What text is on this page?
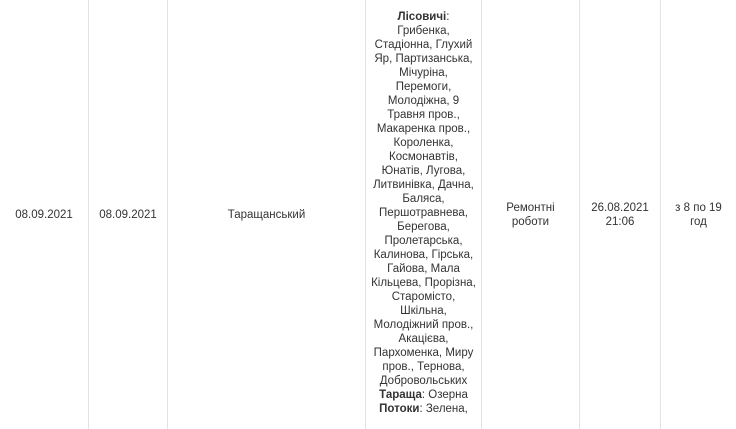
08.09.2021 08.09.2021	Таращанський
Лісовичі: Грибенка, Стадіонна, Глухий Яр, Партизанська, Мічуріна, Перемоги, Молодіжна, 9 Травня пров., Макаренка пров., Короленка, Космонавтів, Юнатів, Лугова, Литвинівка, Дачна, Баляса, Першотравнева, Берегова, Пролетарська, Калинова, Гірська, Гайова, Мала Кільцева, Прорізна, Старомісто, Шкільна, Молодіжний пров., Акацієва, Пархоменка, Миру пров., Тернова, Добровольських
Тараща: Озерна
Потоки: Зелена,
Ремонтні роботи
26.08.2021 21:06
з 8 по 19 год
